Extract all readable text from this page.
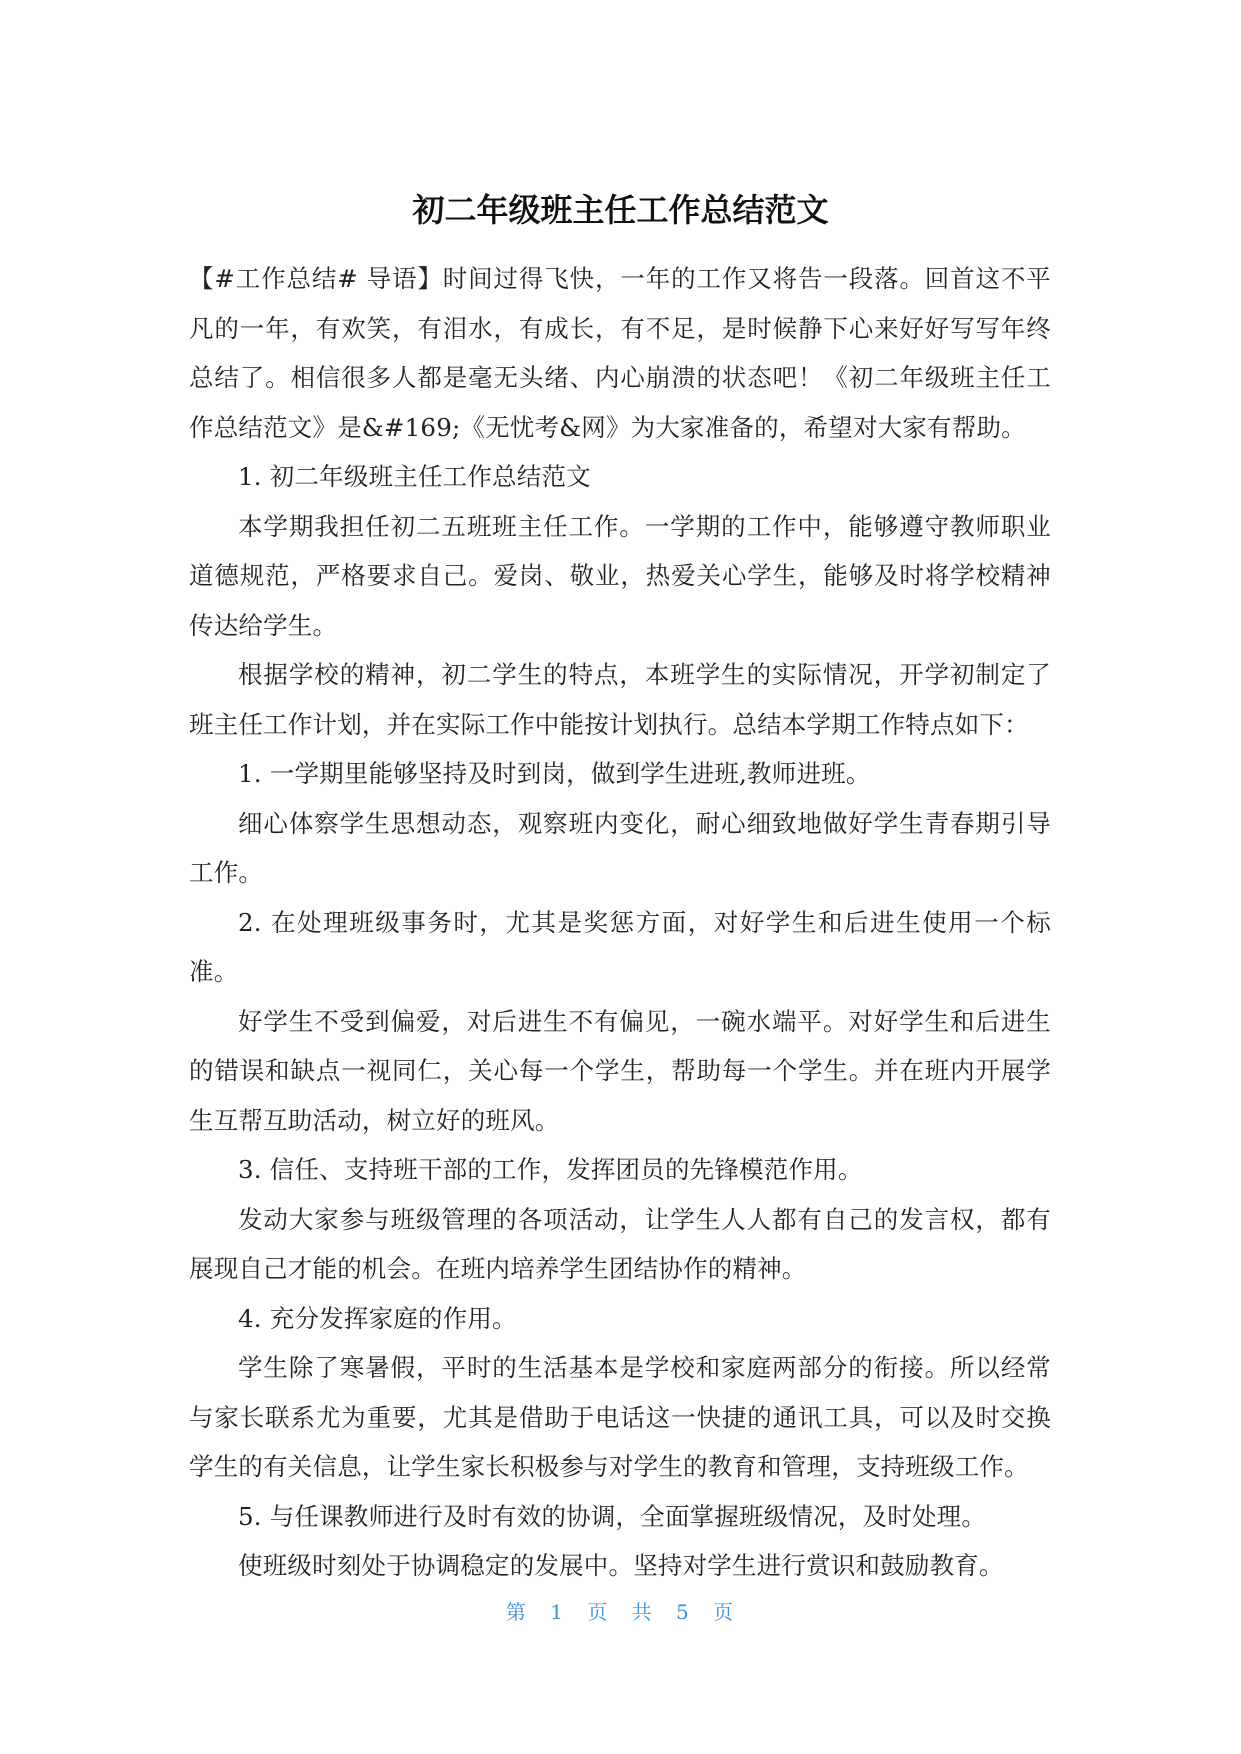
初二年级班主任工作总结范文

【#工作总结# 导语】时间过得飞快，一年的工作又将告一段落。回首这不平凡的一年，有欢笑，有泪水，有成长，有不足，是时候静下心来好好写写年终总结了。相信很多人都是毫无头绪、内心崩溃的状态吧！《初二年级班主任工作总结范文》是&#169;《无忧考&网》为大家准备的，希望对大家有帮助。

1. 初二年级班主任工作总结范文

本学期我担任初二五班班主任工作。一学期的工作中，能够遵守教师职业道德规范，严格要求自己。爱岗、敬业，热爱关心学生，能够及时将学校精神传达给学生。

根据学校的精神，初二学生的特点，本班学生的实际情况，开学初制定了班主任工作计划，并在实际工作中能按计划执行。总结本学期工作特点如下：

1. 一学期里能够坚持及时到岗，做到学生进班,教师进班。

细心体察学生思想动态，观察班内变化，耐心细致地做好学生青春期引导工作。

2. 在处理班级事务时，尤其是奖惩方面，对好学生和后进生使用一个标准。

好学生不受到偏爱，对后进生不有偏见，一碗水端平。对好学生和后进生的错误和缺点一视同仁，关心每一个学生，帮助每一个学生。并在班内开展学生互帮互助活动，树立好的班风。

3. 信任、支持班干部的工作，发挥团员的先锋模范作用。

发动大家参与班级管理的各项活动，让学生人人都有自己的发言权，都有展现自己才能的机会。在班内培养学生团结协作的精神。

4. 充分发挥家庭的作用。

学生除了寒暑假，平时的生活基本是学校和家庭两部分的衔接。所以经常与家长联系尤为重要，尤其是借助于电话这一快捷的通讯工具，可以及时交换学生的有关信息，让学生家长积极参与对学生的教育和管理，支持班级工作。

5. 与任课教师进行及时有效的协调，全面掌握班级情况，及时处理。

使班级时刻处于协调稳定的发展中。坚持对学生进行赏识和鼓励教育。

第 1 页 共 5 页
